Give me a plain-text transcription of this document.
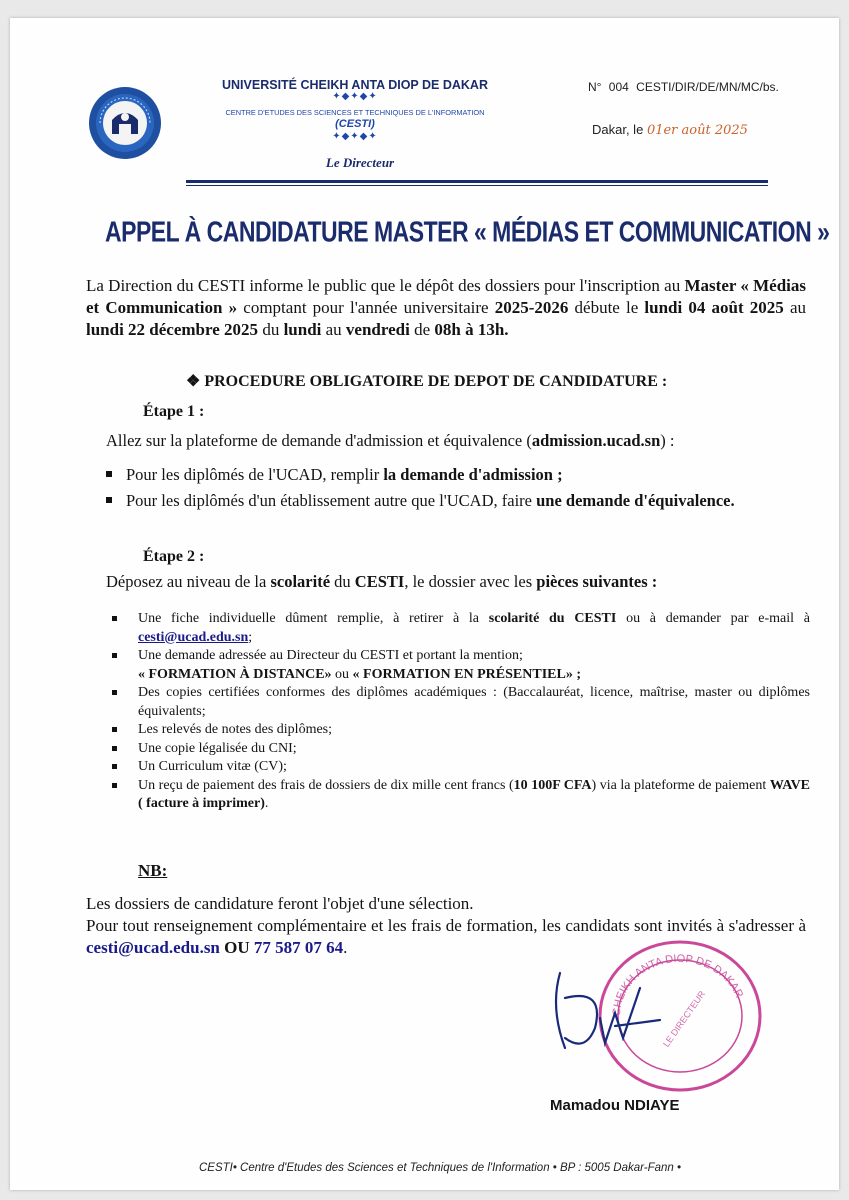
UNIVERSITÉ CHEIKH ANTA DIOP DE DAKAR
✦◆✦◆✦
CENTRE D'ETUDES DES SCIENCES ET TECHNIQUES DE L'INFORMATION
(CESTI)
✦◆✦◆✦
Le Directeur
N° 004 CESTI/DIR/DE/MN/MC/bs.
Dakar, le 01er août 2025
APPEL À CANDIDATURE MASTER « MÉDIAS ET COMMUNICATION »
La Direction du CESTI informe le public que le dépôt des dossiers pour l'inscription au Master « Médias et Communication » comptant pour l'année universitaire 2025-2026 débute le lundi 04 août 2025 au lundi 22 décembre 2025 du lundi au vendredi de 08h à 13h.
❖ PROCEDURE OBLIGATOIRE DE DEPOT DE CANDIDATURE :
Étape 1 :
Allez sur la plateforme de demande d'admission et équivalence (admission.ucad.sn) :
Pour les diplômés de l'UCAD, remplir la demande d'admission ;
Pour les diplômés d'un établissement autre que l'UCAD, faire une demande d'équivalence.
Étape 2 :
Déposez au niveau de la scolarité du CESTI, le dossier avec les pièces suivantes :
Une fiche individuelle dûment remplie, à retirer à la scolarité du CESTI ou à demander par e-mail à cesti@ucad.edu.sn;
Une demande adressée au Directeur du CESTI et portant la mention;
« FORMATION À DISTANCE» ou « FORMATION EN PRÉSENTIEL» ;
Des copies certifiées conformes des diplômes académiques : (Baccalauréat, licence, maîtrise, master ou diplômes équivalents;
Les relevés de notes des diplômes;
Une copie légalisée du CNI;
Un Curriculum vitæ (CV);
Un reçu de paiement des frais de dossiers de dix mille cent francs (10 100F CFA) via la plateforme de paiement WAVE ( facture à imprimer).
NB:
Les dossiers de candidature feront l'objet d'une sélection.
Pour tout renseignement complémentaire et les frais de formation, les candidats sont invités à s'adresser à cesti@ucad.edu.sn OU 77 587 07 64.
CHEIKH ANTA DIOP DE DAKAR
LE DIRECTEUR
Mamadou NDIAYE
CESTI• Centre d'Etudes des Sciences et Techniques de l'Information • BP : 5005 Dakar-Fann •
